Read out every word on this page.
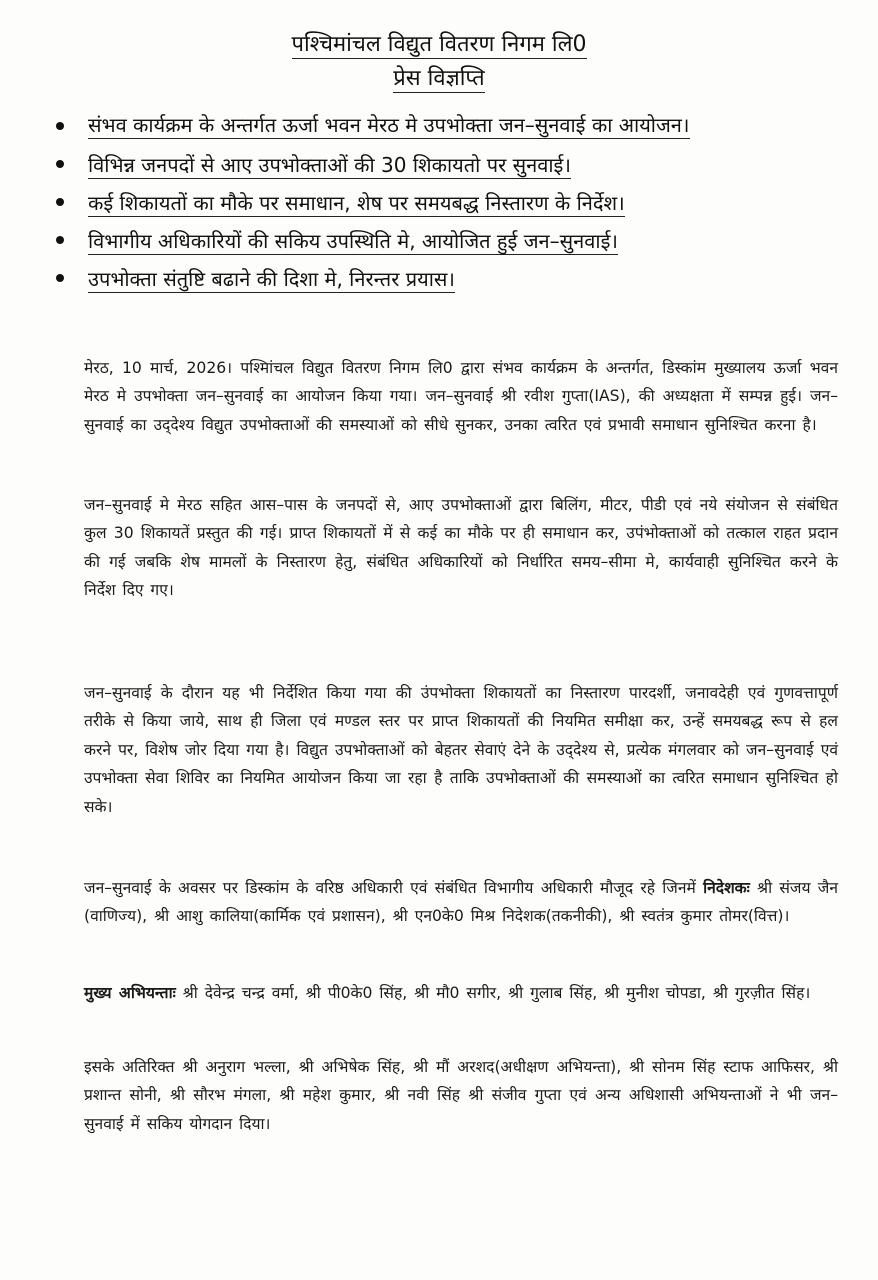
पश्चिमांचल विद्युत वितरण निगम लि0
प्रेस विज्ञप्ति
संभव कार्यक्रम के अन्तर्गत ऊर्जा भवन मेरठ मे उपभोक्ता जन–सुनवाई का आयोजन।
विभिन्न जनपदों से आए उपभोक्ताओं की 30 शिकायतो पर सुनवाई।
कई शिकायतों का मौके पर समाधान, शेष पर समयबद्ध निस्तारण के निर्देश।
विभागीय अधिकारियों की सकिय उपस्थिति मे, आयोजित हुई जन–सुनवाई।
उपभोक्ता संतुष्टि बढाने की दिशा मे, निरन्तर प्रयास।

मेरठ, 10 मार्च, 2026। पश्मिांचल विद्युत वितरण निगम लि0 द्वारा संभव कार्यक्रम के अन्तर्गत, डिस्कांम मुख्यालय ऊर्जा भवन मेरठ मे उपभोक्ता जन–सुनवाई का आयोजन किया गया। जन–सुनवाई श्री रवीश गुप्ता(IAS), की अध्यक्षता में सम्पन्न हुई। जन–सुनवाई का उद्‌देश्य विद्युत उपभोक्ताओं की समस्याओं को सीधे सुनकर, उनका त्वरित एवं प्रभावी समाधान सुनिश्चित करना है।

जन–सुनवाई मे मेरठ सहित आस–पास के जनपदों से, आए उपभोक्ताओं द्वारा बिलिंग, मीटर, पीडी एवं नये संयोजन से संबंधित कुल 30 शिकायतें प्रस्तुत की गई। प्राप्त शिकायतों में से कई का मौके पर ही समाधान कर, उपंभोक्ताओं को तत्काल राहत प्रदान की गई जबकि शेष मामलों के निस्तारण हेतु, संबंधित अधिकारियों को निर्धारित समय–सीमा मे, कार्यवाही सुनिश्चित करने के निर्देश दिए गए।

जन–सुनवाई के दौरान यह भी निर्देशित किया गया की उंपभोक्ता शिकायतों का निस्तारण पारदर्शी, जनावदेही एवं गुणवत्तापूर्ण तरीके से किया जाये, साथ ही जिला एवं मण्डल स्तर पर प्राप्त शिकायतों की नियमित समीक्षा कर, उन्हें समयबद्ध रूप से हल करने पर, विशेष जोर दिया गया है। विद्युत उपभोक्ताओं को बेहतर सेवाएं देने के उद्‌देश्य से, प्रत्येक मंगलवार को जन–सुनवाई एवं उपभोक्ता सेवा शिविर का नियमित आयोजन किया जा रहा है ताकि उपभोक्ताओं की समस्याओं का त्वरित समाधान सुनिश्चित हो सके।

जन–सुनवाई के अवसर पर डिस्कांम के वरिष्ठ अधिकारी एवं संबंधित विभागीय अधिकारी मौजूद रहे जिनमें निदेशकः श्री संजय जैन (वाणिज्य), श्री आशु कालिया(कार्मिक एवं प्रशासन), श्री एन0के0 मिश्र निदेशक(तकनीकी), श्री स्वतंत्र कुमार तोमर(वित्त)।

मुख्य अभियन्ताः श्री देवेन्द्र चन्द्र वर्मा, श्री पी0के0 सिंह, श्री मौ0 सगीर, श्री गुलाब सिंह, श्री मुनीश चोपडा, श्री गुरज़ीत सिंह।

इसके अतिरिक्त श्री अनुराग भल्ला, श्री अभिषेक सिंह, श्री मौं अरशद(अधीक्षण अभियन्ता), श्री सोनम सिंह स्टाफ आफिसर, श्री प्रशान्त सोनी, श्री सौरभ मंगला, श्री महेश कुमार, श्री नवी सिंह श्री संजीव गुप्ता एवं अन्य अधिशासी अभियन्ताओं ने भी जन–सुनवाई में सकिय योगदान दिया।
